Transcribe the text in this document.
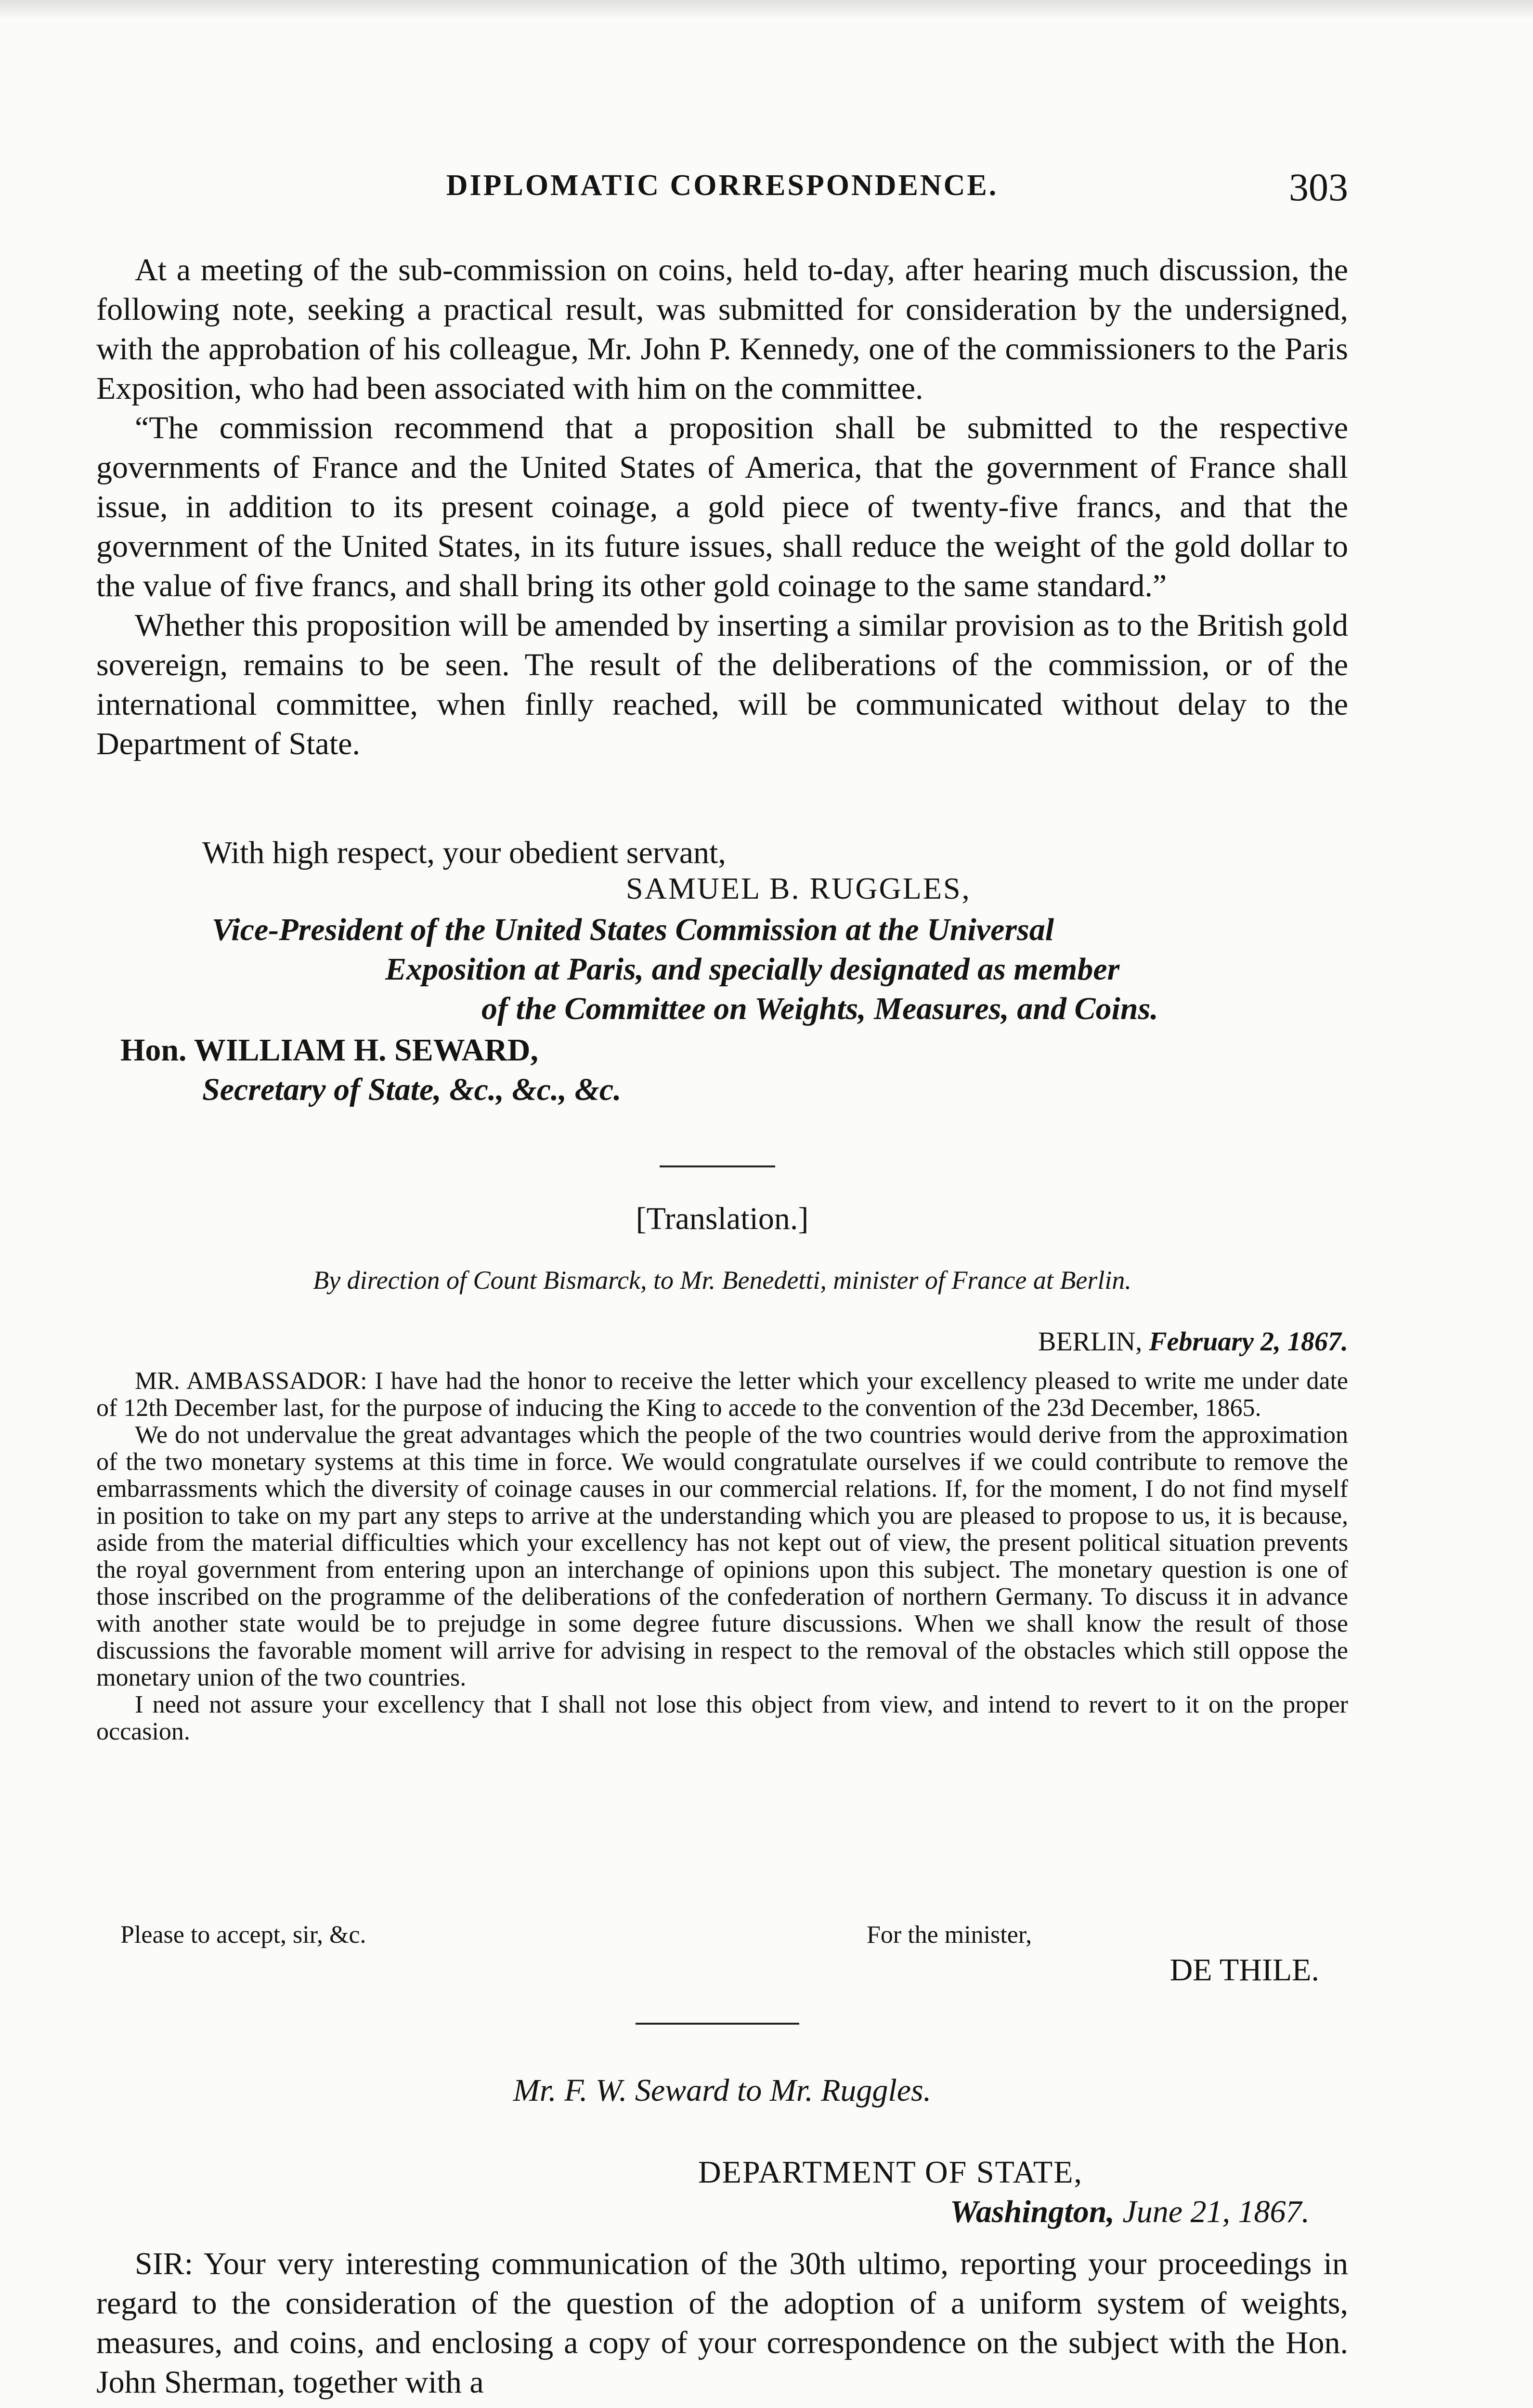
DIPLOMATIC CORRESPONDENCE.	303

At a meeting of the sub-commission on coins, held to-day, after hearing much discussion, the following note, seeking a practical result, was submitted for consideration by the undersigned, with the approbation of his colleague, Mr. John P. Kennedy, one of the commissioners to the Paris Exposition, who had been associated with him on the committee.

“The commission recommend that a proposition shall be submitted to the respective governments of France and the United States of America, that the government of France shall issue, in addition to its present coinage, a gold piece of twenty-five francs, and that the government of the United States, in its future issues, shall reduce the weight of the gold dollar to the value of five francs, and shall bring its other gold coinage to the same standard.”

Whether this proposition will be amended by inserting a similar provision as to the British gold sovereign, remains to be seen. The result of the deliberations of the commission, or of the international committee, when finlly reached, will be communicated without delay to the Department of State.

With high respect, your obedient servant,
SAMUEL B. RUGGLES,
Vice-President of the United States Commission at the Universal
Exposition at Paris, and specially designated as member
of the Committee on Weights, Measures, and Coins.
Hon. WILLIAM H. SEWARD,
Secretary of State, &c., &c., &c.
[Translation.]
By direction of Count Bismarck, to Mr. Benedetti, minister of France at Berlin.
BERLIN, February 2, 1867.

MR. AMBASSADOR: I have had the honor to receive the letter which your excellency pleased to write me under date of 12th December last, for the purpose of inducing the King to accede to the convention of the 23d December, 1865.

We do not undervalue the great advantages which the people of the two countries would derive from the approximation of the two monetary systems at this time in force. We would congratulate ourselves if we could contribute to remove the embarrassments which the diversity of coinage causes in our commercial relations. If, for the moment, I do not find myself in position to take on my part any steps to arrive at the understanding which you are pleased to propose to us, it is because, aside from the material difficulties which your excellency has not kept out of view, the present political situation prevents the royal government from entering upon an interchange of opinions upon this subject. The monetary question is one of those inscribed on the programme of the deliberations of the confederation of northern Germany. To discuss it in advance with another state would be to prejudge in some degree future discussions. When we shall know the result of those discussions the favorable moment will arrive for advising in respect to the removal of the obstacles which still oppose the monetary union of the two countries.

I need not assure your excellency that I shall not lose this object from view, and intend to revert to it on the proper occasion.

Please to accept, sir, &c.	For the minister,
DE THILE.
Mr. F. W. Seward to Mr. Ruggles.
DEPARTMENT OF STATE,
Washington, June 21, 1867.

SIR: Your very interesting communication of the 30th ultimo, reporting your proceedings in regard to the consideration of the question of the adoption of a uniform system of weights, measures, and coins, and enclosing a copy of your correspondence on the subject with the Hon. John Sherman, together with a
